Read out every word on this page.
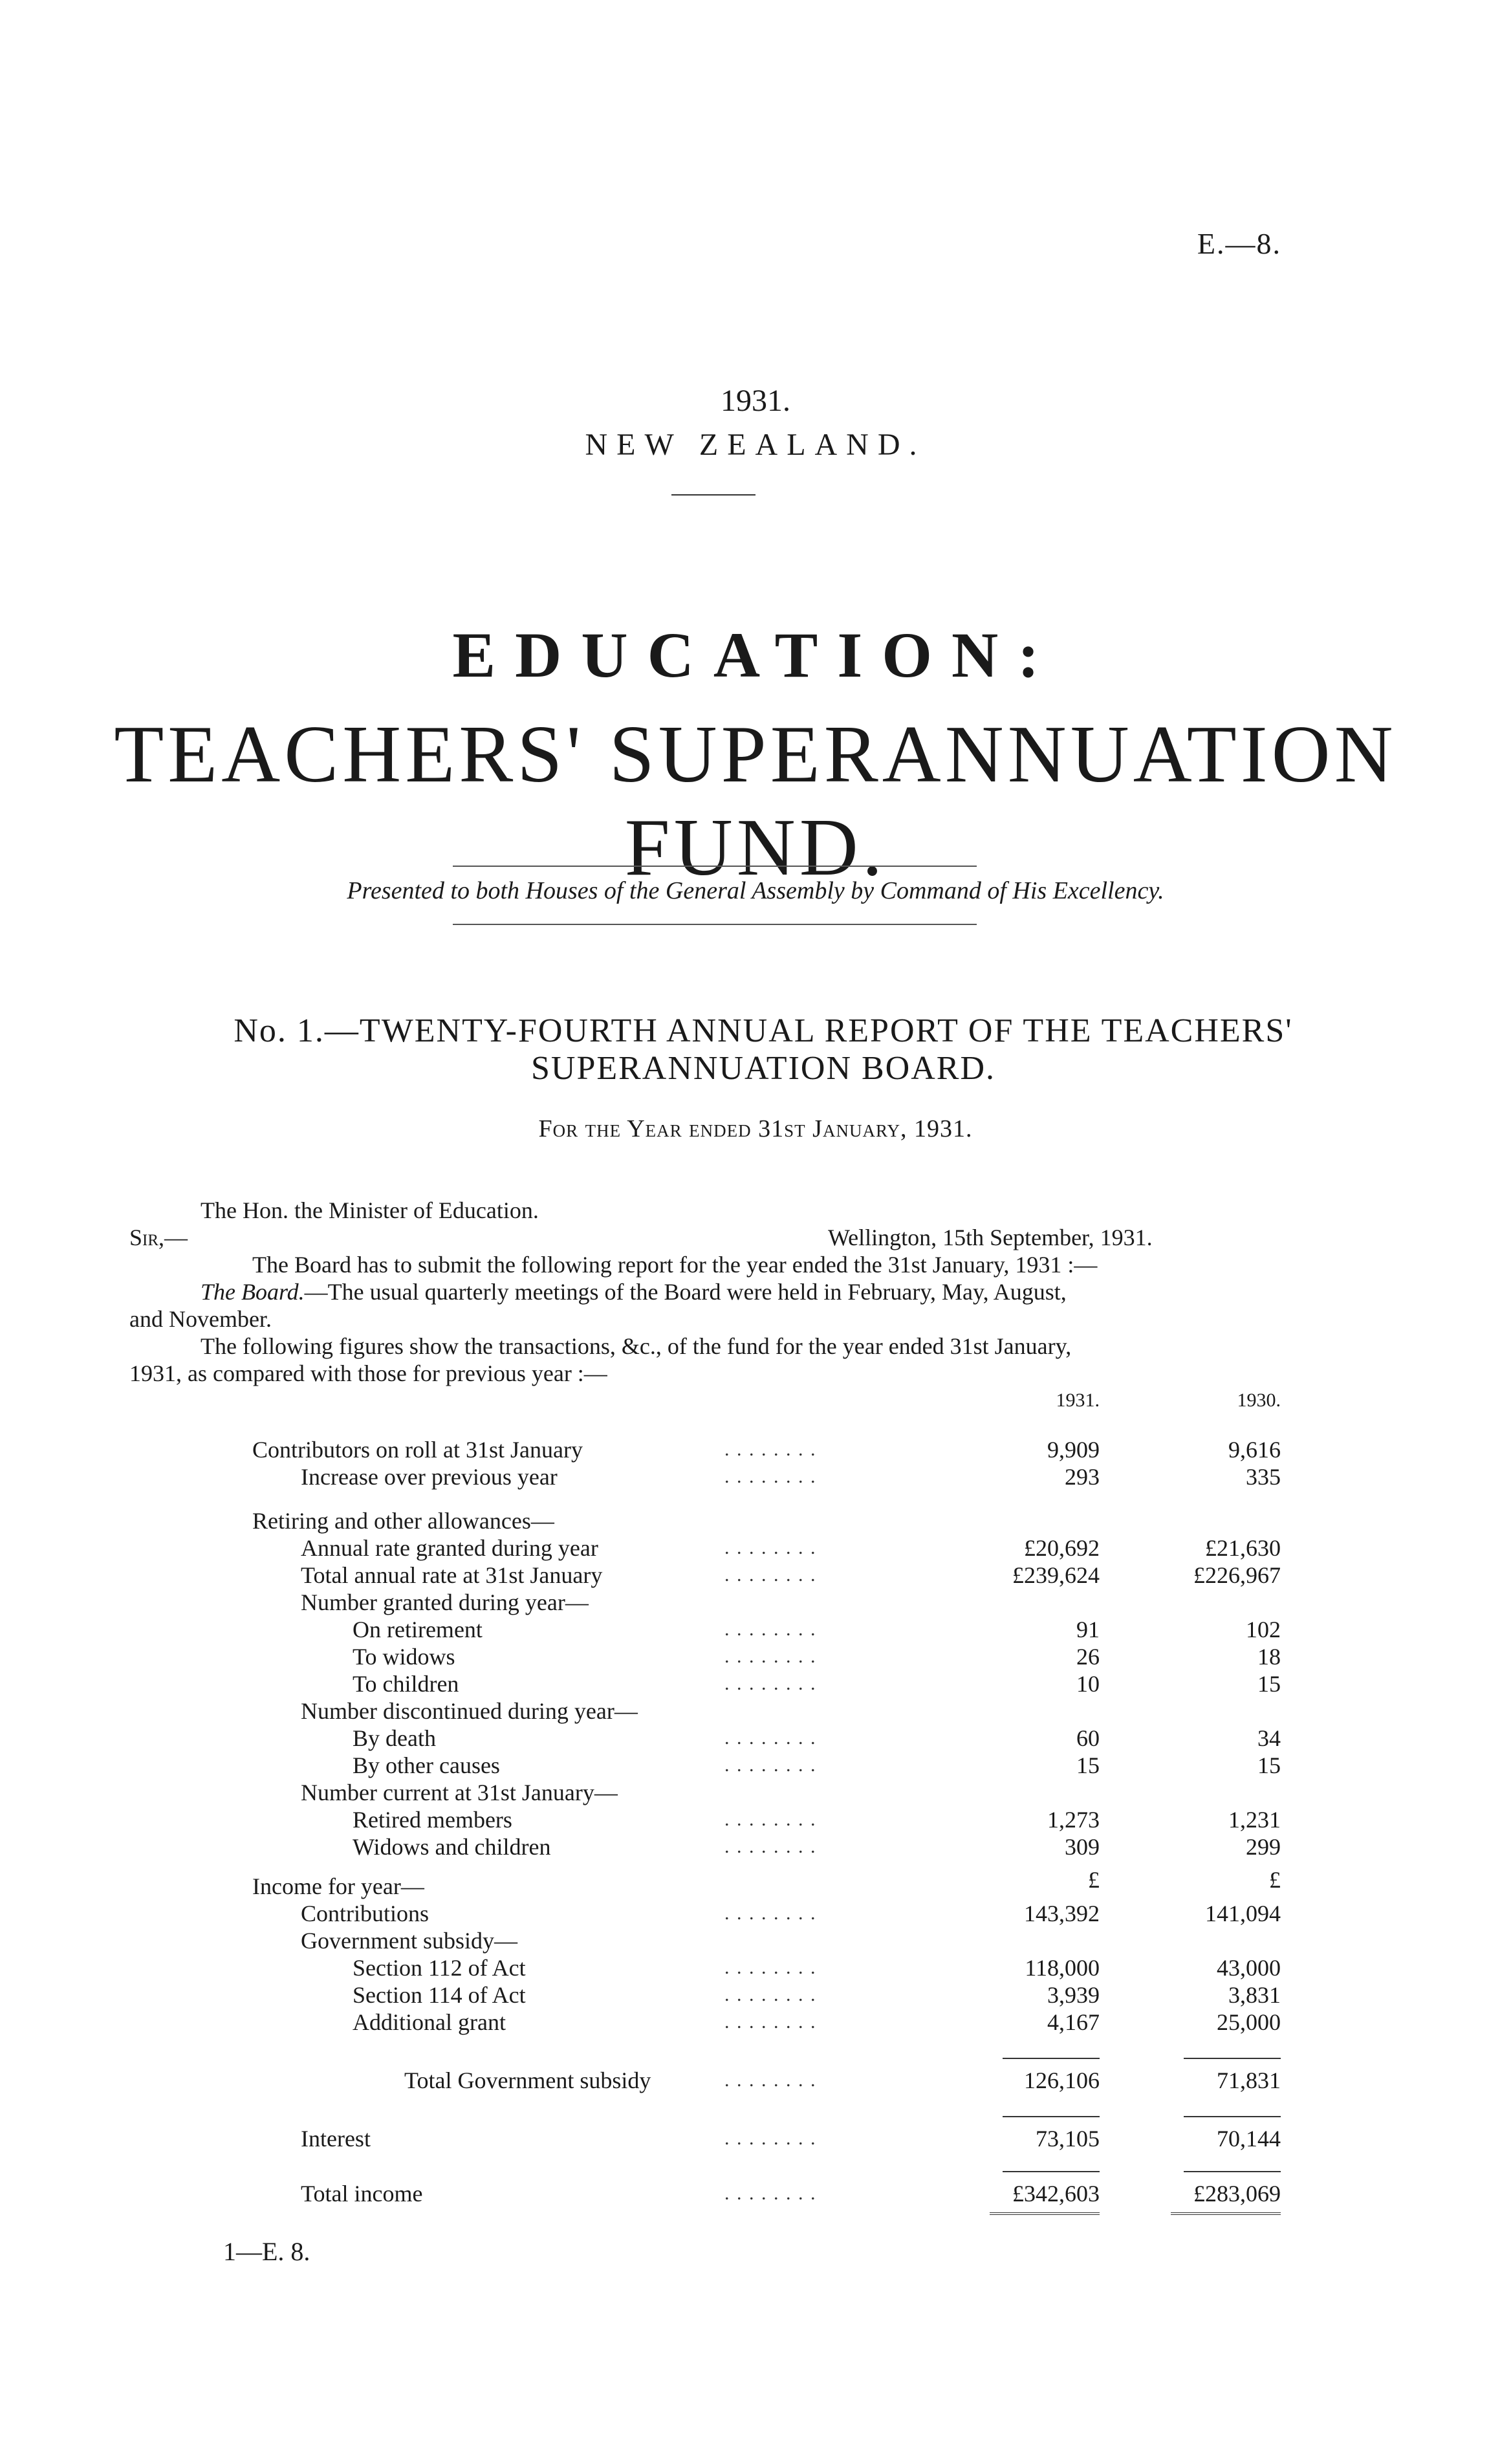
E.—8.
1931.
NEW ZEALAND.
EDUCATION:
TEACHERS' SUPERANNUATION FUND.
Presented to both Houses of the General Assembly by Command of His Excellency.
No. 1.—TWENTY-FOURTH ANNUAL REPORT OF THE TEACHERS'
SUPERANNUATION BOARD.
For the Year ended 31st January, 1931.
The Hon. the Minister of Education.
Sir,—	Wellington, 15th September, 1931.
The Board has to submit the following report for the year ended the 31st January, 1931 :—
The Board.—The usual quarterly meetings of the Board were held in February, May, August,
and November.
The following figures show the transactions, &c., of the fund for the year ended 31st January,
1931, as compared with those for previous year :—
1931.	1930.
Contributors on roll at 31st January	. . . . . . . .	9,909	9,616
Increase over previous year	. . . . . . . .	293	335
Retiring and other allowances—
Annual rate granted during year	. . . . . . . .	£20,692	£21,630
Total annual rate at 31st January	. . . . . . . .	£239,624	£226,967
Number granted during year—
On retirement	. . . . . . . .	91	102
To widows	. . . . . . . .	26	18
To children	. . . . . . . .	10	15
Number discontinued during year—
By death	. . . . . . . .	60	34
By other causes	. . . . . . . .	15	15
Number current at 31st January—
Retired members	. . . . . . . .	1,273	1,231
Widows and children	. . . . . . . .	309	299
Income for year—	£	£
Contributions	. . . . . . . .	143,392	141,094
Government subsidy—
Section 112 of Act	. . . . . . . .	118,000	43,000
Section 114 of Act	. . . . . . . .	3,939	3,831
Additional grant	. . . . . . . .	4,167	25,000
Total Government subsidy	. . . . . . . .	126,106	71,831
Interest	. . . . . . . .	73,105	70,144
Total income	. . . . . . . .	£342,603	£283,069
1—E. 8.
